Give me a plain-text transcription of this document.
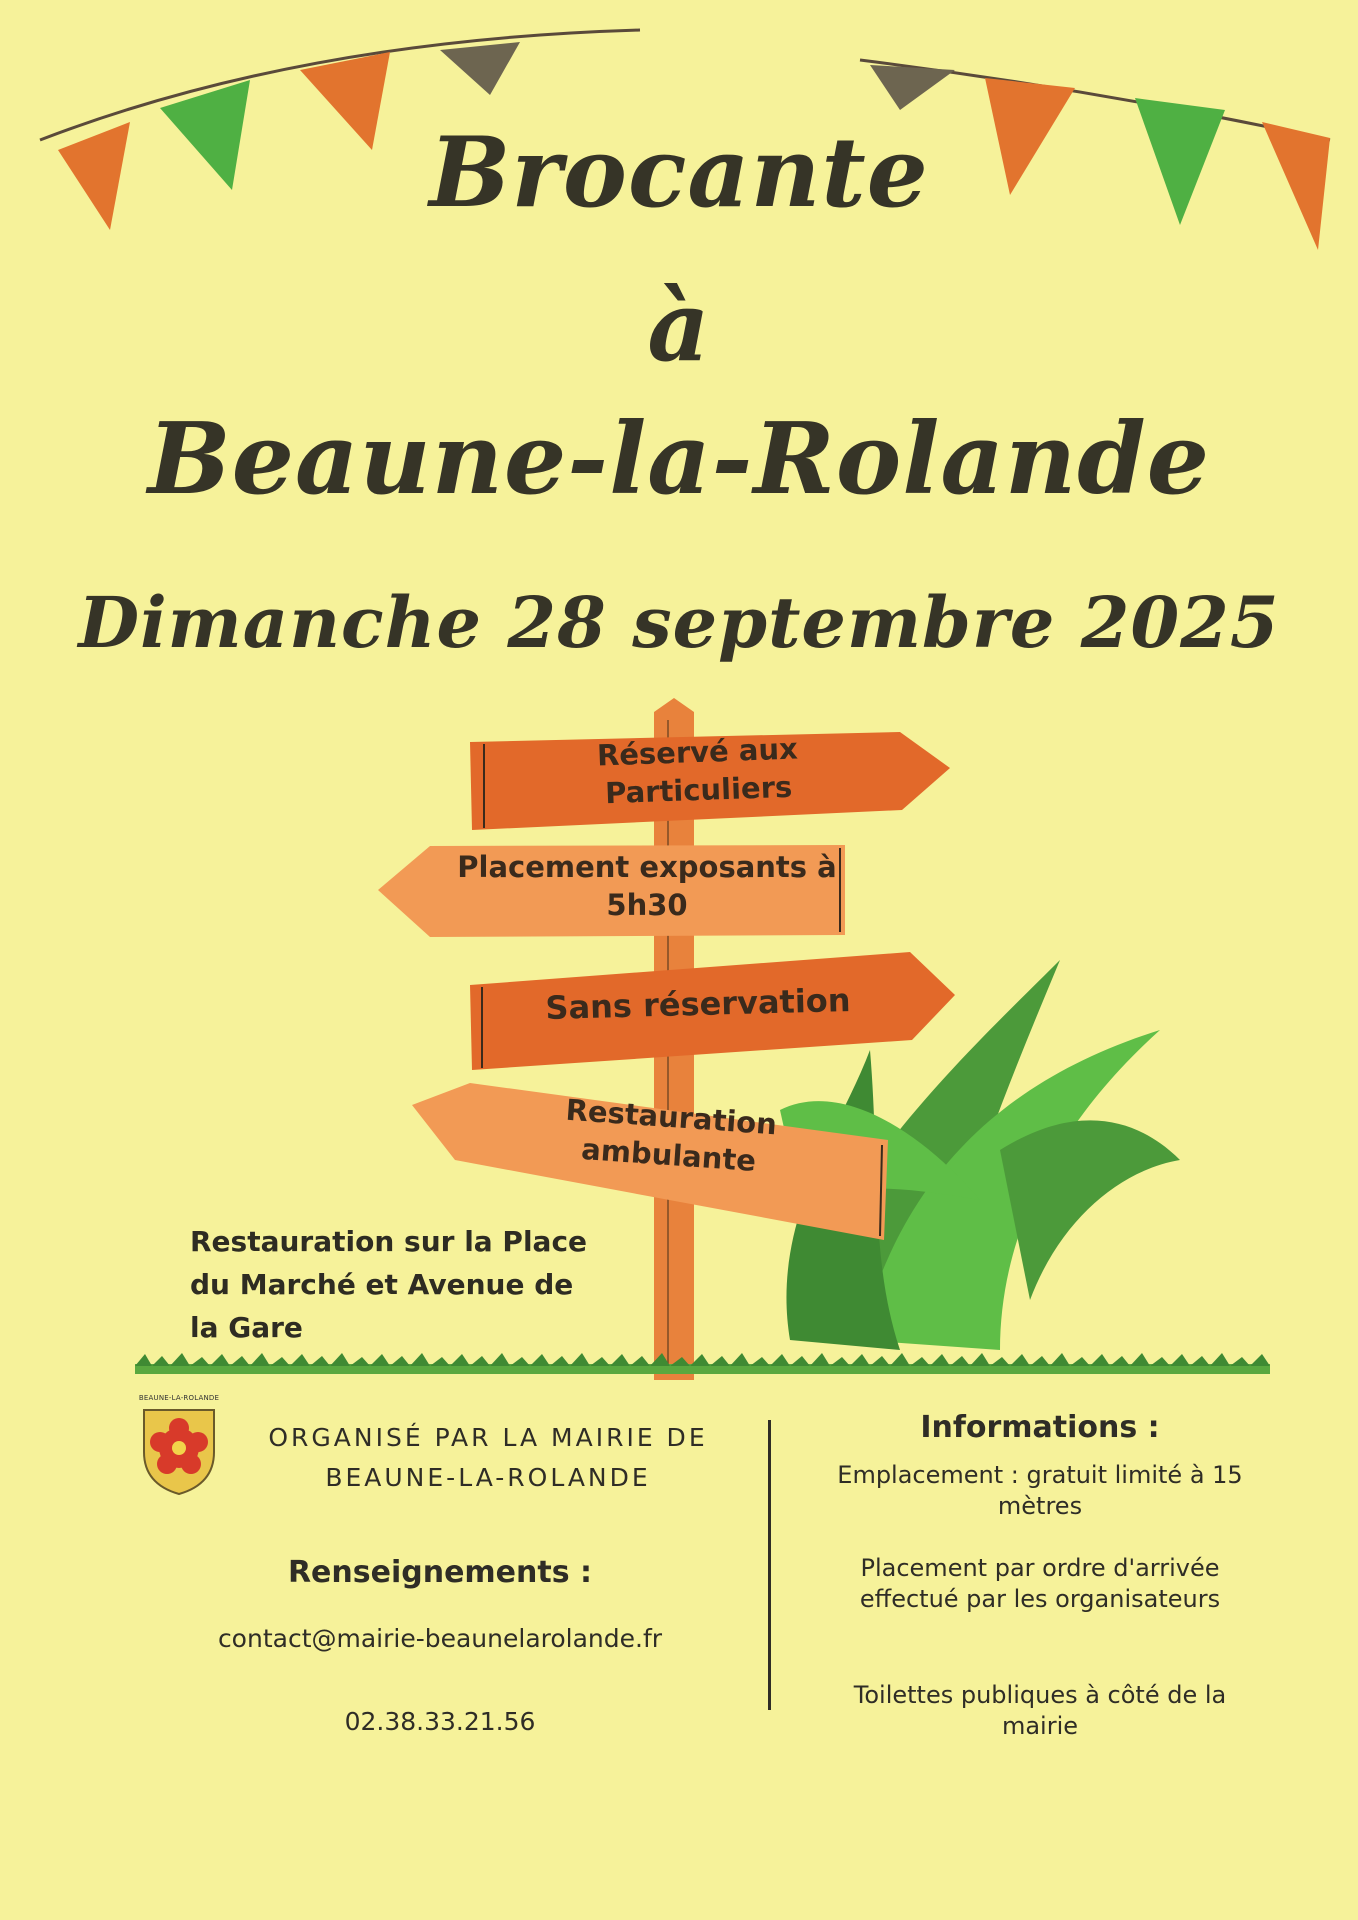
Brocante
à
Beaune-la-Rolande
Dimanche 28 septembre 2025
Réservé aux Particuliers
Placement exposants à 5h30
Sans réservation
Restauration ambulante
Restauration sur la Place du Marché et Avenue de la Gare
BEAUNE-LA-ROLANDE
ORGANISÉ PAR LA MAIRIE DE
BEAUNE-LA-ROLANDE
Renseignements :
contact@mairie-beaunelarolande.fr
02.38.33.21.56
Informations :
Emplacement : gratuit limité à 15 mètres
Placement par ordre d'arrivée effectué par les organisateurs
Toilettes publiques à côté de la mairie
